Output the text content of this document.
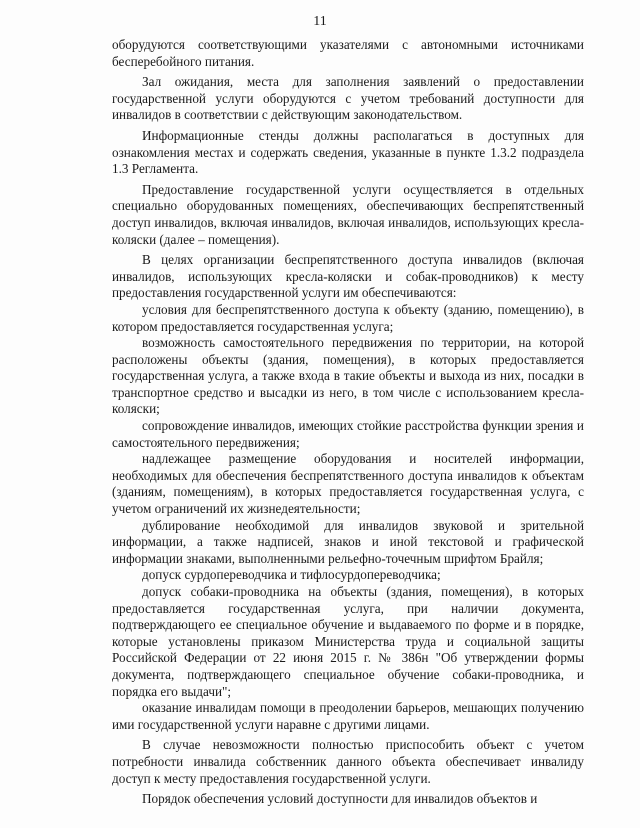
11

оборудуются соответствующими указателями с автономными источниками бесперебойного питания.

Зал ожидания, места для заполнения заявлений о предоставлении государственной услуги оборудуются с учетом требований доступности для инвалидов в соответствии с действующим законодательством.

Информационные стенды должны располагаться в доступных для ознакомления местах и содержать сведения, указанные в пункте 1.3.2 подраздела 1.3 Регламента.

Предоставление государственной услуги осуществляется в отдельных специально оборудованных помещениях, обеспечивающих беспрепятственный доступ инвалидов, включая инвалидов, включая инвалидов, использующих кресла-коляски (далее – помещения).

В целях организации беспрепятственного доступа инвалидов (включая инвалидов, использующих кресла-коляски и собак-проводников) к месту предоставления государственной услуги им обеспечиваются:

условия для беспрепятственного доступа к объекту (зданию, помещению), в котором предоставляется государственная услуга;

возможность самостоятельного передвижения по территории, на которой расположены объекты (здания, помещения), в которых предоставляется государственная услуга, а также входа в такие объекты и выхода из них, посадки в транспортное средство и высадки из него, в том числе с использованием кресла-коляски;

сопровождение инвалидов, имеющих стойкие расстройства функции зрения и самостоятельного передвижения;

надлежащее размещение оборудования и носителей информации, необходимых для обеспечения беспрепятственного доступа инвалидов к объектам (зданиям, помещениям), в которых предоставляется государственная услуга, с учетом ограничений их жизнедеятельности;

дублирование необходимой для инвалидов звуковой и зрительной информации, а также надписей, знаков и иной текстовой и графической информации знаками, выполненными рельефно-точечным шрифтом Брайля;

допуск сурдопереводчика и тифлосурдопереводчика;

допуск собаки-проводника на объекты (здания, помещения), в которых предоставляется государственная услуга, при наличии документа, подтверждающего ее специальное обучение и выдаваемого по форме и в порядке, которые установлены приказом Министерства труда и социальной защиты Российской Федерации от 22 июня 2015 г. № 386н "Об утверждении формы документа, подтверждающего специальное обучение собаки-проводника, и порядка его выдачи";

оказание инвалидам помощи в преодолении барьеров, мешающих получению ими государственной услуги наравне с другими лицами.

В случае невозможности полностью приспособить объект с учетом потребности инвалида собственник данного объекта обеспечивает инвалиду доступ к месту предоставления государственной услуги.

Порядок обеспечения условий доступности для инвалидов объектов и
